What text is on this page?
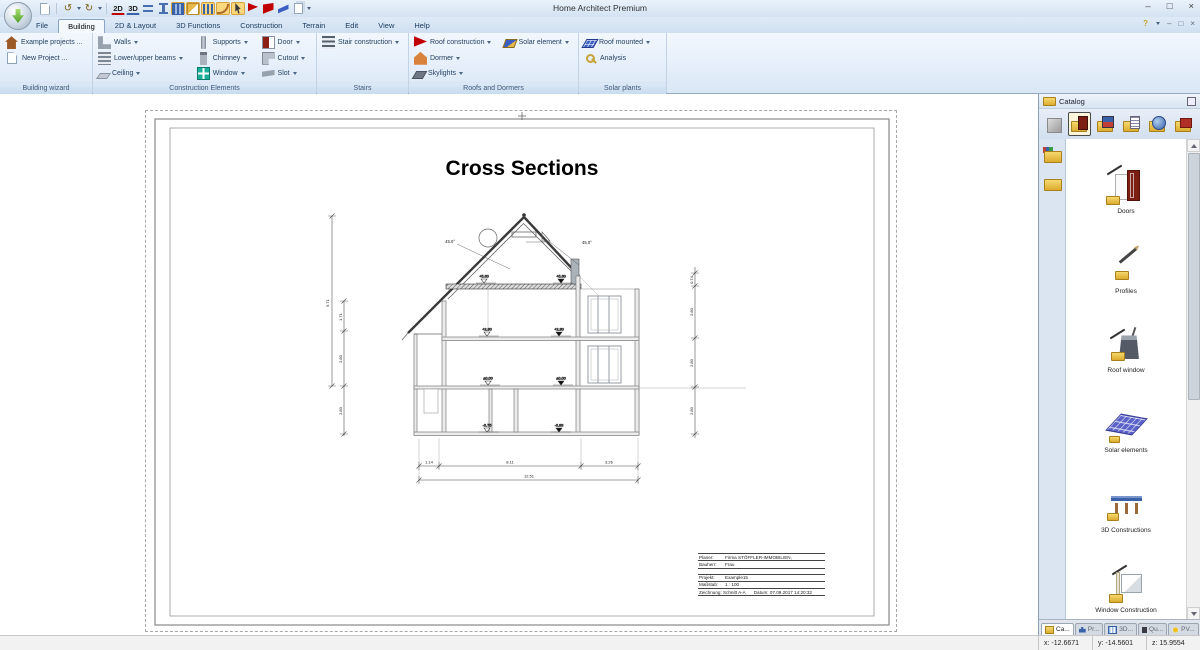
Home Architect Premium
↺ ↻	2D 3D	– □ ×
File	Building	2D & Layout	3D Functions	Construction	Terrain	Edit	View	Help	? – □ ×
Example projects ...
New Project ...
Building wizard
Walls
Lower/upper beams
Ceiling
Supports
Chimney
Window
Door
Cutout
Slot
Construction Elements
Stair construction
Stairs
Roof construction
Dormer
Skylights
Solar element
Roofs and Dormers
Roof mounted
Analysis
Solar plants
Cross Sections
+5.60	+5.60
+2.80	+2.80
±0.00	±0.00
-0.75	-0.88
45.0°	45.0°
9.71
1.71
2.80
2.80
0.74
2.80
2.80
2.80
1.14	8.11	3.26
12.51
Planer:	Firma STÖFFLER-IMMOBILIEN,
Bauherr:	Frau
Projekt:	Example15
Maßstab:	1 : 100
Zeichnung: Schnitt A-A Datum: 07.09.2017 14:20:32
Catalog
Doors
Profiles
Roof window
Solar elements
3D Constructions
Window Construction
Ca...	Pr...	3D... Qu...	PV...
x: -12.6671	y: -14.5601	z: 15.9554
